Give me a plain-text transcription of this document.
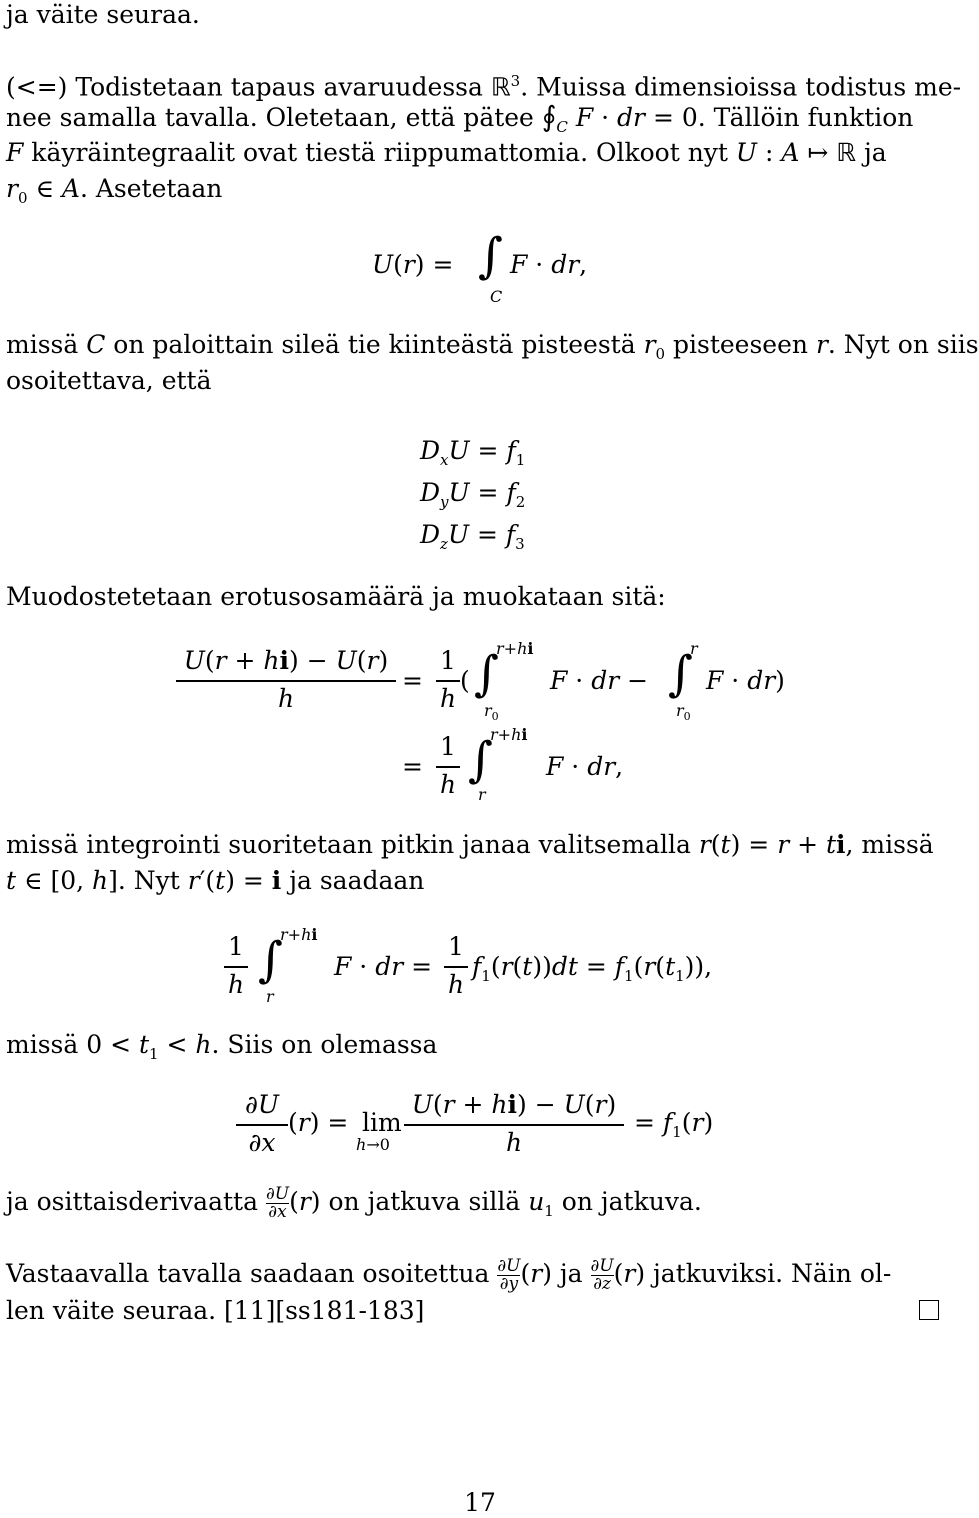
ja väite seuraa.
(<=) Todistetaan tapaus avaruudessa ℝ$^3$. Muissa dimensioissa todistus me-
nee samalla tavalla. Oletetaan, että pätee $∮_C$ F · dr = 0. Tällöin funktion
F käyräintegraalit ovat tiestä riippumattomia. Olkoot nyt U : A ↦ ℝ ja
$r_0$ ∈ A. Asetetaan
U(r) = ∫
C
F · dr,
missä C on paloittain sileä tie kiinteästä pisteestä $r_0$ pisteeseen r. Nyt on siis
osoitettava, että
$D_xU = f_1$
$D_yU = f_2$
$D_zU = f_3$
Muodostetetaan erotusosamäärä ja muokataan sitä:
U(r + hi) − U(r)
h
=
1
h
( ∫
r+hi
$r_0$
F · dr − ∫
r
$r_0$
F · dr)
=
1
h ∫
r+hi
r
F · dr,
missä integrointi suoritetaan pitkin janaa valitsemalla r(t) = r + ti, missä
t ∈ [0, h]. Nyt r′(t) = i ja saadaan
1
h ∫
r+hi
r
F · dr =
1
h
$f_1(r(t))dt = f_1(r(t_1))$,
missä $0 < t_1 < h$. Siis on olemassa
∂U
∂x
(r) = lim
h→0
U(r + hi) − U(r)
h
= $f_1(r)$
ja osittaisderivaatta $\frac{\partial U}{\partial x} (r)$ on jatkuva sillä $u_1$ on jatkuva.
Vastaavalla tavalla saadaan osoitettua $\frac{\partial U}{\partial y} (r)$ ja $\frac{\partial U}{\partial z} (r)$ jatkuviksi. Näin ol-
len väite seuraa. [11][ss181-183]
17
